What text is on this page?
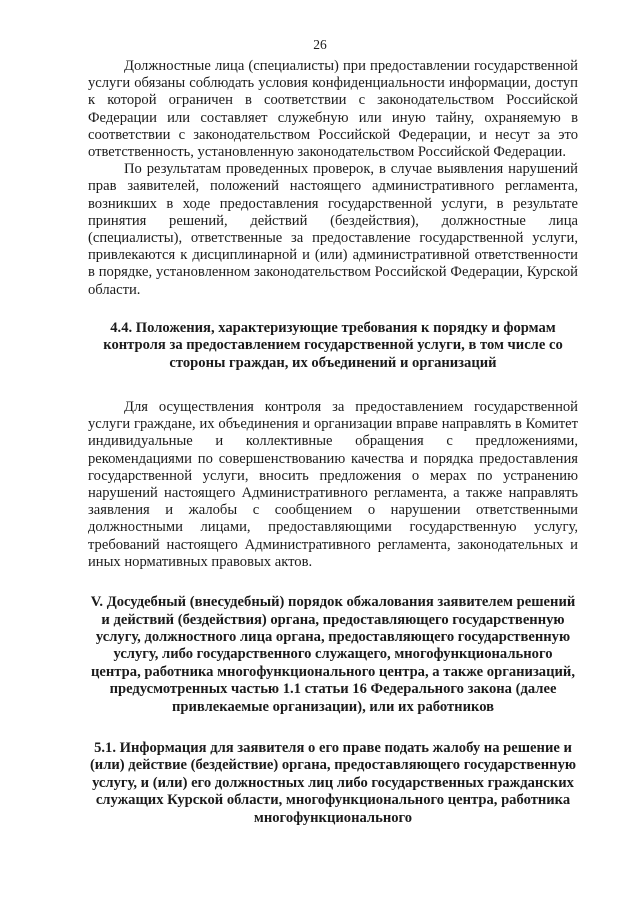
26

Должностные лица (специалисты) при предоставлении государственной услуги обязаны соблюдать условия конфиденциальности информации, доступ к которой ограничен в соответствии с законодательством Российской Федерации или составляет служебную или иную тайну, охраняемую в соответствии с законодательством Российской Федерации, и несут за это ответственность, установленную законодательством Российской Федерации.

По результатам проведенных проверок, в случае выявления нарушений прав заявителей, положений настоящего административного регламента, возникших в ходе предоставления государственной услуги, в результате принятия решений, действий (бездействия), должностные лица (специалисты), ответственные за предоставление государственной услуги, привлекаются к дисциплинарной и (или) административной ответственности в порядке, установленном законодательством Российской Федерации, Курской области.

4.4. Положения, характеризующие требования к порядку и формам контроля за предоставлением государственной услуги, в том числе со стороны граждан, их объединений и организаций

Для осуществления контроля за предоставлением государственной услуги граждане, их объединения и организации вправе направлять в Комитет индивидуальные и коллективные обращения с предложениями, рекомендациями по совершенствованию качества и порядка предоставления государственной услуги, вносить предложения о мерах по устранению нарушений настоящего Административного регламента, а также направлять заявления и жалобы с сообщением о нарушении ответственными должностными лицами, предоставляющими государственную услугу, требований настоящего Административного регламента, законодательных и иных нормативных правовых актов.

V. Досудебный (внесудебный) порядок обжалования заявителем решений и действий (бездействия) органа, предоставляющего государственную услугу, должностного лица органа, предоставляющего государственную услугу, либо государственного служащего, многофункционального центра, работника многофункционального центра, а также организаций, предусмотренных частью 1.1 статьи 16 Федерального закона (далее привлекаемые организации), или их работников

5.1. Информация для заявителя о его праве подать жалобу на решение и (или) действие (бездействие) органа, предоставляющего государственную услугу, и (или) его должностных лиц либо государственных гражданских служащих Курской области, многофункционального центра, работника многофункционального
